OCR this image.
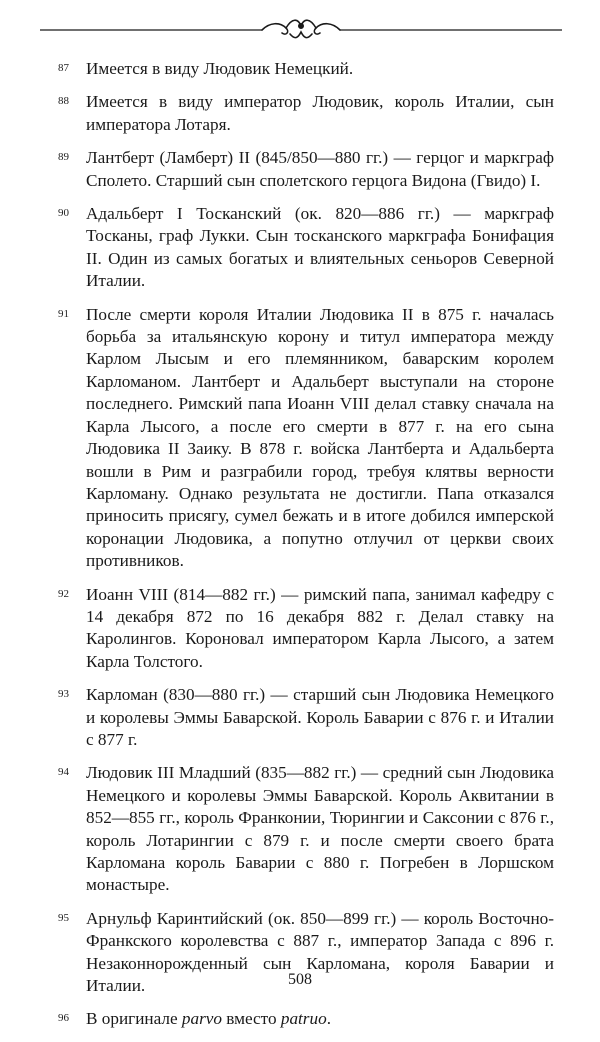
87 Имеется в виду Людовик Немецкий.
88 Имеется в виду император Людовик, король Италии, сын императора Лотаря.
89 Лантберт (Ламберт) II (845/850—880 гг.) — герцог и маркграф Сполето. Старший сын сполетского герцога Видона (Гвидо) I.
90 Адальберт I Тосканский (ок. 820—886 гг.) — маркграф Тосканы, граф Лукки. Сын тосканского маркграфа Бонифация II. Один из самых богатых и влиятельных сеньоров Северной Италии.
91 После смерти короля Италии Людовика II в 875 г. началась борьба за итальянскую корону и титул императора между Карлом Лысым и его племянником, баварским королем Карломаном. Лантберт и Адальберт выступали на стороне последнего. Римский папа Иоанн VIII делал ставку сначала на Карла Лысого, а после его смерти в 877 г. на его сына Людовика II Заику. В 878 г. войска Лантберта и Адальберта вошли в Рим и разграбили город, требуя клятвы верности Карломану. Однако результата не достигли. Папа отказался приносить присягу, сумел бежать и в итоге добился имперской коронации Людовика, а попутно отлучил от церкви своих противников.
92 Иоанн VIII (814—882 гг.) — римский папа, занимал кафедру с 14 декабря 872 по 16 декабря 882 г. Делал ставку на Каролингов. Короновал императором Карла Лысого, а затем Карла Толстого.
93 Карломан (830—880 гг.) — старший сын Людовика Немецкого и королевы Эммы Баварской. Король Баварии с 876 г. и Италии с 877 г.
94 Людовик III Младший (835—882 гг.) — средний сын Людовика Немецкого и королевы Эммы Баварской. Король Аквитании в 852—855 гг., король Франконии, Тюрингии и Саксонии с 876 г., король Лотарингии с 879 г. и после смерти своего брата Карломана король Баварии с 880 г. Погребен в Лоршском монастыре.
95 Арнульф Каринтийский (ок. 850—899 гг.) — король Восточно-Франкского королевства с 887 г., император Запада с 896 г. Незаконнорожденный сын Карломана, короля Баварии и Италии.
96 В оригинале parvo вместо patruo.
508
